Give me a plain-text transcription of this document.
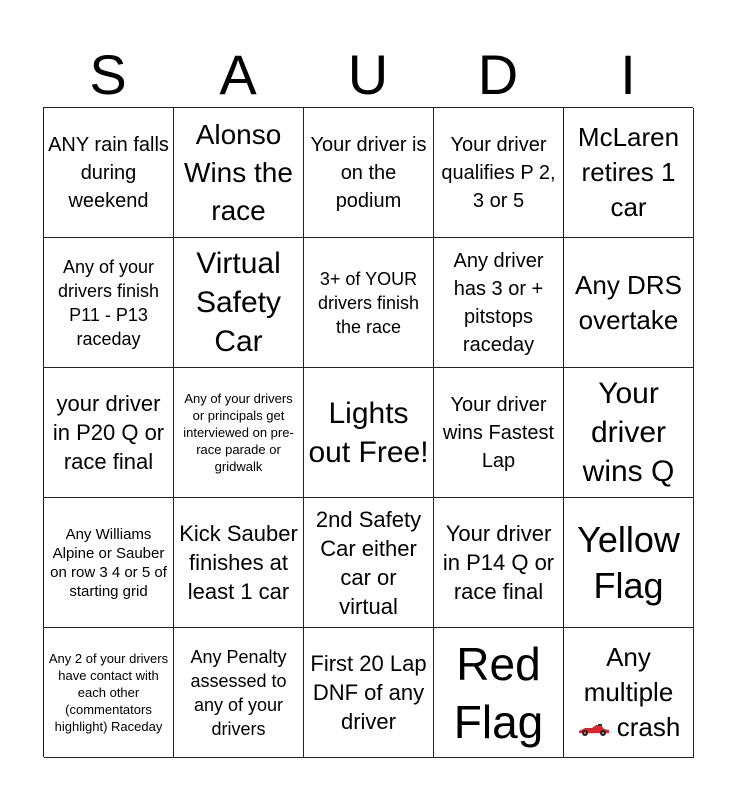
S	A	U	D	I
ANY rain falls during weekend
Alonso Wins the race
Your driver is on the podium
Your driver qualifies P 2, 3 or 5
McLaren retires 1 car
Any of your drivers finish P11 - P13 raceday
Virtual Safety Car
3+ of YOUR drivers finish the race
Any driver has 3 or + pitstops raceday
Any DRS overtake
your driver in P20 Q or race final
Any of your drivers or principals get interviewed on pre-race parade or gridwalk
Lights out Free!
Your driver wins Fastest Lap
Your driver wins Q
Any Williams Alpine or Sauber on row 3 4 or 5 of starting grid
Kick Sauber finishes at least 1 car
2nd Safety Car either car or virtual
Your driver in P14 Q or race final
Yellow Flag
Any 2 of your drivers have contact with each other (commentators highlight) Raceday
Any Penalty assessed to any of your drivers
First 20 Lap DNF of any driver
Red Flag
Any
multiple
crash
